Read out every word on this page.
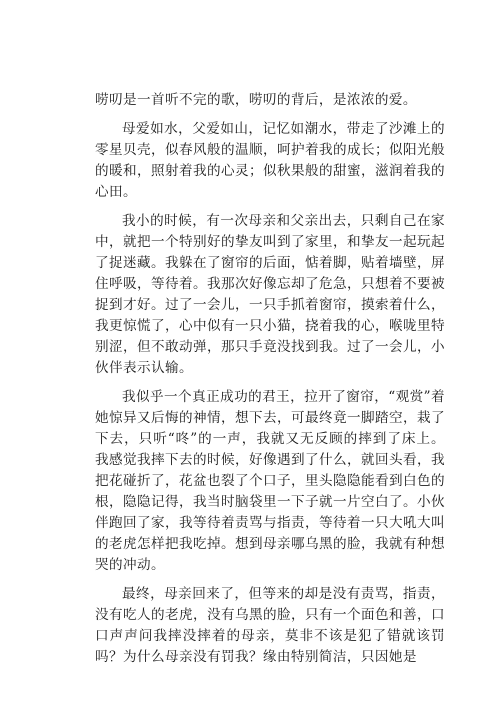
唠叨是一首听不完的歌，唠叨的背后，是浓浓的爱。

母爱如水，父爱如山，记忆如潮水，带走了沙滩上的零星贝壳，似春风般的温顺，呵护着我的成长；似阳光般的暖和，照射着我的心灵；似秋果般的甜蜜，滋润着我的心田。

我小的时候，有一次母亲和父亲出去，只剩自己在家中，就把一个特别好的挚友叫到了家里，和挚友一起玩起了捉迷藏。我躲在了窗帘的后面，惦着脚，贴着墙壁，屏住呼吸，等待着。我那次好像忘却了危急，只想着不要被捉到才好。过了一会儿，一只手抓着窗帘，摸索着什么，我更惊慌了，心中似有一只小猫，挠着我的心，喉咙里特别涩，但不敢动弹，那只手竟没找到我。过了一会儿，小伙伴表示认输。

我似乎一个真正成功的君王，拉开了窗帘，“观赏”着她惊异又后悔的神情，想下去，可最终竟一脚踏空，栽了下去，只听“咚”的一声，我就又无反顾的摔到了床上。我感觉我摔下去的时候，好像遇到了什么，就回头看，我把花碰折了，花盆也裂了个口子，里头隐隐能看到白色的根，隐隐记得，我当时脑袋里一下子就一片空白了。小伙伴跑回了家，我等待着责骂与指责，等待着一只大吼大叫的老虎怎样把我吃掉。想到母亲哪乌黑的脸，我就有种想哭的冲动。

最终，母亲回来了，但等来的却是没有责骂，指责，没有吃人的老虎，没有乌黑的脸，只有一个面色和善，口口声声问我摔没摔着的母亲，莫非不该是犯了错就该罚吗？为什么母亲没有罚我？缘由特别简洁，只因她是
